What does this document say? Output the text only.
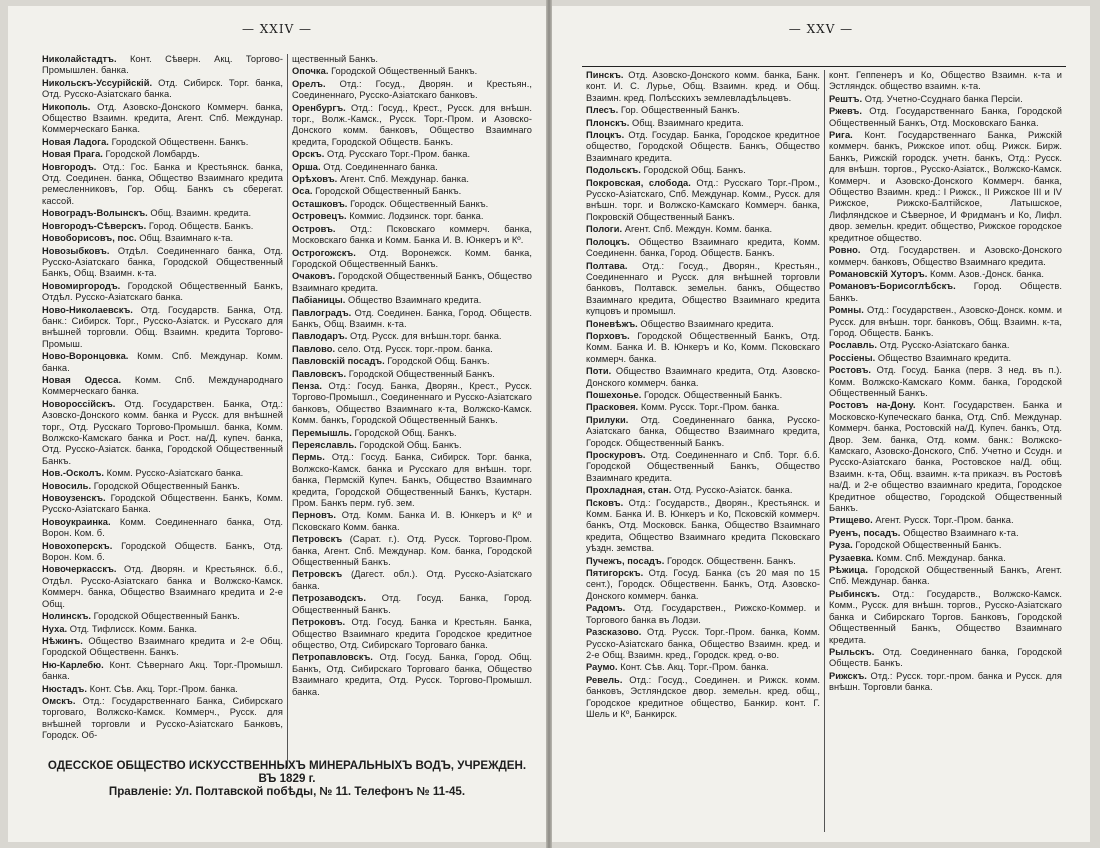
— XXIV —
Николайстадтъ. Конт. Сѣверн. Акц. Торгово-Промышлен. банка.
Никольскъ-Уссурійскій. Отд. Сибирск. Торг. банка, Отд. Русско-Азіатскаго банка.
Никополь. Отд. Азовско-Донского Коммерч. банка, Общество Взаимн. кредита, Агент. Спб. Междунар. Коммерческаго Банка.
Новая Ладога. Городской Общественн. Банкъ.
Новая Прага. Городской Ломбардъ.
Новгородъ. Отд.: Гос. Банка и Крестьянск. банка, Отд. Соединен. банка, Общество Взаимнаго кредита ремесленниковъ, Гор. Общ. Банкъ съ сберегат. кассой.
Новоградъ-Волынскъ. Общ. Взаимн. кредита.
Новгородъ-Сѣверскъ. Город. Обществ. Банкъ.
Новоборисовъ, пос. Общ. Взаимнаго к-та.
Новозыбковъ. Отдѣл. Соединеннаго банка, Отд. Русско-Азіатскаго банка, Городской Общественный Банкъ, Общ. Взаимн. к-та.
Новомиргородъ. Городской Общественный Банкъ, Отдѣл. Русско-Азіатскаго банка.
Ново-Николаевскъ. Отд. Государств. Банка, Отд. банк.: Сибирск. Торг., Русско-Азіатск. и Русскаго для внѣшней торговли. Общ. Взаимн. кредита Торгово-Промыш.
Ново-Воронцовка. Комм. Спб. Междунар. Комм. банка.
Новая Одесса. Комм. Спб. Международнаго Коммерческаго банка.
Новороссійскъ. Отд. Государствен. Банка, Отд.: Азовско-Донского комм. банка и Русск. для внѣшней торг., Отд. Русскаго Торгово-Промышл. банка, Комм. Волжско-Камскаго банка и Рост. на/Д. купеч. банка, Отд. Русско-Азіатск. банка, Городской Общественный Банкъ.
Нов.-Осколъ. Комм. Русско-Азіатскаго банка.
Новосиль. Городской Общественный Банкъ.
Новоузенскъ. Городской Общественн. Банкъ, Комм. Русско-Азіатскаго Банка.
Новоукраинка. Комм. Соединеннаго банка, Отд. Ворон. Ком. б.
Новохоперскъ. Городской Обществ. Банкъ, Отд. Ворон. Ком. б.
Новочеркасскъ. Отд. Дворян. и Крестьянск. б.б., Отдѣл. Русско-Азіатскаго банка и Волжско-Камск. Коммерч. банка, Общество Взаимнаго кредита и 2-е Общ.
Нолинскъ. Городской Общественный Банкъ.
Нуха. Отд. Тифлисск. Комм. Банка.
Нѣжинъ. Общество Взаимнаго кредита и 2-е Общ. Городской Общественн. Банкъ.
Ню-Карлебю. Конт. Сѣвернаго Акц. Торг.-Промышл. банка.
Нюстадъ. Конт. Сѣв. Акц. Торг.-Пром. банка.
Омскъ. Отд.: Государственнаго Банка, Сибирскаго торговаго, Волжско-Камск. Коммерч., Русск. для внѣшней торговли и Русско-Азіатскаго Банковъ, Городск. Об-
щественный Банкъ.
Опочка. Городской Общественный Банкъ.
Орелъ. Отд.: Госуд., Дворян. и Крестьян., Соединеннаго, Русско-Азіатскаго банковъ.
Оренбургъ. Отд.: Госуд., Крест., Русск. для внѣшн. торг., Волж.-Камск., Русск. Торг.-Пром. и Азовско-Донского комм. банковъ, Общество Взаимнаго кредита, Городской Обществ. Банкъ.
Орскъ. Отд. Русскаго Торг.-Пром. банка.
Орша. Отд. Соединеннаго банка.
Орѣховъ. Агент. Спб. Междунар. банка.
Оса. Городской Общественный Банкъ.
Осташковъ. Городск. Общественный Банкъ.
Островецъ. Коммис. Лодзинск. торг. банка.
Островъ. Отд.: Псковскаго коммерч. банка, Московскаго банка и Комм. Банка И. В. Юнкеръ и Кº.
Острогожскъ. Отд. Воронежск. Комм. банка, Городской Общественный Банкъ.
Очаковъ. Городской Общественный Банкъ, Общество Взаимнаго кредита.
Пабіаницы. Общество Взаимнаго кредита.
Павлоградъ. Отд. Соединен. Банка, Город. Обществ. Банкъ, Общ. Взаимн. к-та.
Павлодаръ. Отд. Русск. для внѣшн.торг. банка.
Павлово. село. Отд. Русск. торг.-пром. банка.
Павловскій посадъ. Городской Общ. Банкъ.
Павловскъ. Городской Общественный Банкъ.
Пенза. Отд.: Госуд. Банка, Дворян., Крест., Русск. Торгово-Промышл., Соединеннаго и Русско-Азіатскаго банковъ, Общество Взаимнаго к-та, Волжско-Камск. Комм. банкъ, Городской Общественный Банкъ.
Перемышль. Городской Общ. Банкъ.
Переяславль. Городской Общ. Банкъ.
Пермь. Отд.: Госуд. Банка, Сибирск. Торг. банка, Волжско-Камск. банка и Русскаго для внѣшн. торг. банка, Пермскій Купеч. Банкъ, Общество Взаимнаго кредита, Городской Общественный Банкъ, Кустарн. Пром. Банкъ перм. губ. зем.
Перновъ. Отд. Комм. Банка И. В. Юнкеръ и Кº и Псковскаго Комм. банка.
Петровскъ (Сарат. г.). Отд. Русск. Торгово-Пром. банка, Агент. Спб. Междунар. Ком. банка, Городской Общественный Банкъ.
Петровскъ (Дагест. обл.). Отд. Русско-Азіатскаго банка.
Петрозаводскъ. Отд. Госуд. Банка, Город. Общественный Банкъ.
Петроковъ. Отд. Госуд. Банка и Крестьян. Банка, Общество Взаимнаго кредита Городское кредитное общество, Отд. Сибирскаго Торговаго банка.
Петропавловскъ. Отд. Госуд. Банка, Город. Общ. Банкъ, Отд. Сибирскаго Торговаго банка, Общество Взаимнаго кредита, Отд. Русск. Торгово-Промышл. банка.
ОДЕССКОЕ ОБЩЕСТВО ИСКУССТВЕННЫХЪ МИНЕРАЛЬНЫХЪ ВОДЪ, УЧРЕЖДЕН. ВЪ 1829 г.
Правленіе: Ул. Полтавской побѣды, № 11. Телефонъ № 11-45.
— XXV —
Пинскъ. Отд. Азовско-Донского комм. банка, Банк. конт. И. С. Лурье, Общ. Взаимн. кред. и Общ. Взаимн. кред. Полѣсскихъ землевладѣльцевъ.
Плесъ. Гор. Общественный Банкъ.
Плонскъ. Общ. Взаимнаго кредита.
Плоцкъ. Отд. Государ. Банка, Городское кредитное общество, Городской Обществ. Банкъ, Общество Взаимнаго кредита.
Подольскъ. Городской Общ. Банкъ.
Покровская, слобода. Отд.: Русскаго Торг.-Пром., Русско-Азіатскаго, Спб. Междунар. Комм., Русск. для внѣшн. торг. и Волжско-Камскаго Коммерч. банка, Покровскій Общественный Банкъ.
Пологи. Агент. Спб. Междун. Комм. банка.
Полоцкъ. Общество Взаимнаго кредита, Комм. Соединенн. банка, Город. Обществ. Банкъ.
Полтава. Отд.: Госуд., Дворян., Крестьян., Соединеннаго и Русск. для внѣшней торговли банковъ, Полтавск. земельн. банкъ, Общество Взаимнаго кредита, Общество Взаимнаго кредита купцовъ и промышл.
Поневѣжъ. Общество Взаимнаго кредита.
Порховъ. Городской Общественный Банкъ, Отд. Комм. Банка И. В. Юнкеръ и Ко, Комм. Псковскаго коммерч. банка.
Поти. Общество Взаимнаго кредита, Отд. Азовско-Донского коммерч. банка.
Пошехонье. Городск. Общественный Банкъ.
Прасковея. Комм. Русск. Торг.-Пром. банка.
Прилуки. Отд. Соединеннаго банка, Русско-Азіатскаго банка, Общество Взаимнаго кредита, Городск. Общественный Банкъ.
Проскуровъ. Отд. Соединеннаго и Спб. Торг. б.б. Городской Общественный Банкъ, Общество Взаимнаго кредита.
Прохладная, стан. Отд. Русско-Азіатск. банка.
Псковъ. Отд.: Государств., Дворян., Крестьянск. и Комм. Банка И. В. Юнкеръ и Ко, Псковскій коммерч. банкъ, Отд. Московск. Банка, Общество Взаимнаго кредита, Общество Взаимнаго кредита Псковскаго уѣздн. земства.
Пучежъ, посадъ. Городск. Общественн. Банкъ.
Пятигорскъ. Отд. Госуд. Банка (съ 20 мая по 15 сент.), Городск. Общественн. Банкъ, Отд. Азовско-Донского коммерч. банка.
Радомъ. Отд. Государствен., Рижско-Коммер. и Торгового банка въ Лодзи.
Разсказово. Отд. Русск. Торг.-Пром. банка, Комм. Русско-Азіатскаго банка, Общество Взаимн. кред. и 2-е Общ. Взаимн. кред., Городск. кред. о-во.
Раумо. Конт. Сѣв. Акц. Торг.-Пром. банка.
Ревель. Отд.: Госуд., Соединен. и Рижск. комм. банковъ, Эстляндское двор. земельн. кред. общ., Городское кредитное общество, Банкир. конт. Г. Шель и Кº, Банкирск.
конт. Геппенеръ и Ко, Общество Взаимн. к-та и Эстляндск. общество взаимн. к-та.
Рештъ. Отд. Учетно-Ссуднаго банка Персіи.
Ржевъ. Отд. Государственнаго Банка, Городской Общественный Банкъ, Отд. Московскаго Банка.
Рига. Конт. Государственнаго Банка, Рижскій коммерч. банкъ, Рижское ипот. общ. Рижск. Бирж. Банкъ, Рижскій городск. учетн. банкъ, Отд.: Русск. для внѣшн. торгов., Русско-Азіатск., Волжско-Камск. Коммерч. и Азовско-Донского Коммерч. банка, Общество Взаимн. кред.: I Рижск., II Рижское III и IV Рижское, Рижско-Балтійское, Латышское, Лифляндское и Сѣверное, И Фридманъ и Ко, Лифл. двор. земельн. кредит. общество, Рижское городское кредитное общество.
Ровно. Отд. Государствен. и Азовско-Донского коммерч. банковъ, Общество Взаимнаго кредита.
Романовскій Хуторъ. Комм. Азов.-Донск. банка.
Романовъ-Борисоглѣбскъ. Город. Обществ. Банкъ.
Ромны. Отд.: Государствен., Азовско-Донск. комм. и Русск. для внѣшн. торг. банковъ, Общ. Взаимн. к-та, Город. Обществ. Банкъ.
Рославль. Отд. Русско-Азіатскаго банка.
Россіены. Общество Взаимнаго кредита.
Ростовъ. Отд. Госуд. Банка (перв. 3 нед. въ п.). Комм. Волжско-Камскаго Комм. банка, Городской Общественный Банкъ.
Ростовъ на-Дону. Конт. Государствен. Банка и Московско-Купеческаго банка, Отд. Спб. Междунар. Коммерч. банка, Ростовскій на/Д. Купеч. банкъ, Отд. Двор. Зем. банка, Отд. комм. банк.: Волжско-Камскаго, Азовско-Донского, Спб. Учетно и Ссудн. и Русско-Азіатскаго банка, Ростовское на/Д. общ. Взаимн. к-та, Общ. взаимн. к-та приказч. въ Ростовѣ на/Д. и 2-е общество взаимнаго кредита, Городское Кредитное общество, Городской Общественный Банкъ.
Ртищево. Агент. Русск. Торг.-Пром. банка.
Руенъ, посадъ. Общество Взаимнаго к-та.
Руза. Городской Общественный Банкъ.
Рузаевка. Комм. Спб. Междунар. банка.
Рѣжица. Городской Общественный Банкъ, Агент. Спб. Междунар. банка.
Рыбинскъ. Отд.: Государств., Волжско-Камск. Комм., Русск. для внѣшн. торгов., Русско-Азіатскаго банка и Сибирскаго Торгов. Банковъ, Городской Общественный Банкъ, Общество Взаимнаго кредита.
Рыльскъ. Отд. Соединеннаго банка, Городской Обществ. Банкъ.
Рижскъ. Отд.: Русск. торг.-пром. банка и Русск. для внѣшн. Торговли банка.
